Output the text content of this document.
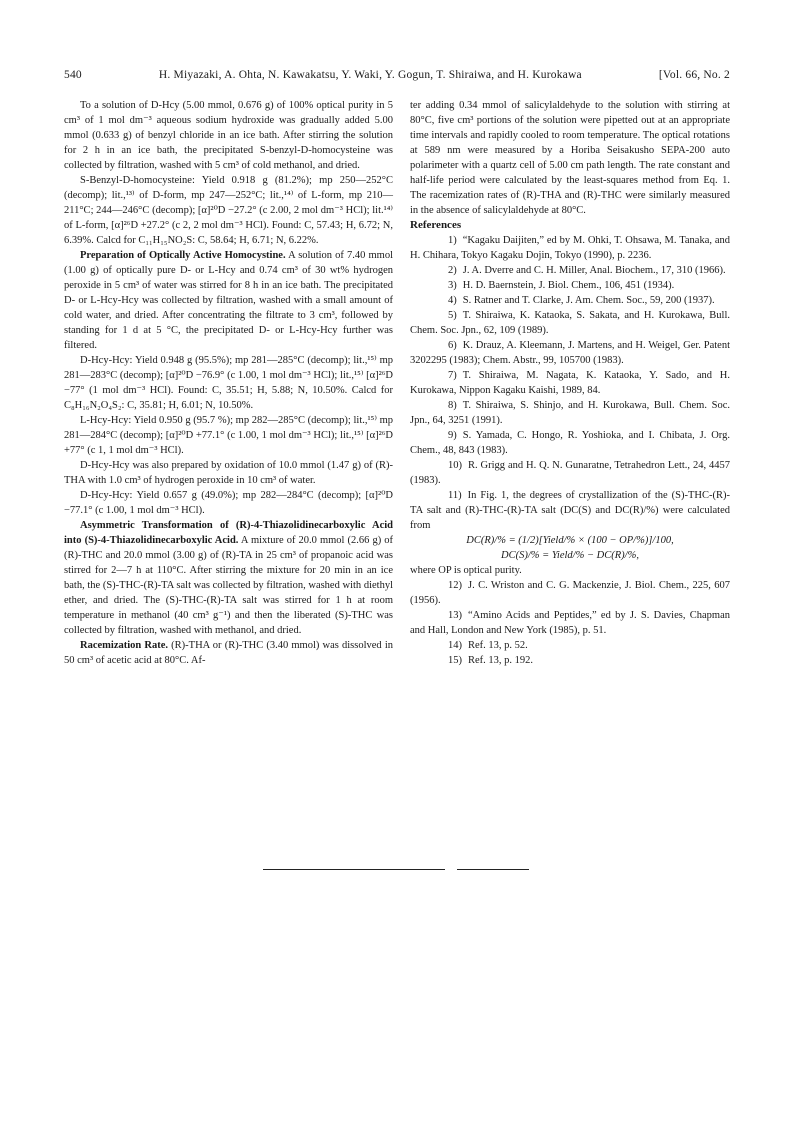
540	H. Miyazaki, A. Ohta, N. Kawakatsu, Y. Waki, Y. Gogun, T. Shiraiwa, and H. Kurokawa	[Vol. 66, No. 2

To a solution of D-Hcy (5.00 mmol, 0.676 g) of 100% optical purity in 5 cm³ of 1 mol dm⁻³ aqueous sodium hydroxide was gradually added 5.00 mmol (0.633 g) of benzyl chloride in an ice bath. After stirring the solution for 2 h in an ice bath, the precipitated S-benzyl-D-homocysteine was collected by filtration, washed with 5 cm³ of cold methanol, and dried.

S-Benzyl-D-homocysteine: Yield 0.918 g (81.2%); mp 250—252°C (decomp); lit.,¹³⁾ of D-form, mp 247—252°C; lit.,¹⁴⁾ of L-form, mp 210—211°C; 244—246°C (decomp); [α]²⁰D −27.2° (c 2.00, 2 mol dm⁻³ HCl); lit.¹⁴⁾ of L-form, [α]²⁶D +27.2° (c 2, 2 mol dm⁻³ HCl). Found: C, 57.43; H, 6.72; N, 6.39%. Calcd for C₁₁H₁₅NO₂S: C, 58.64; H, 6.71; N, 6.22%.

Preparation of Optically Active Homocystine. A solution of 7.40 mmol (1.00 g) of optically pure D- or L-Hcy and 0.74 cm³ of 30 wt% hydrogen peroxide in 5 cm³ of water was stirred for 8 h in an ice bath. The precipitated D- or L-Hcy-Hcy was collected by filtration, washed with a small amount of cold water, and dried. After concentrating the filtrate to 3 cm³, followed by standing for 1 d at 5 °C, the precipitated D- or L-Hcy-Hcy further was filtered.

D-Hcy-Hcy: Yield 0.948 g (95.5%); mp 281—285°C (decomp); lit.,¹⁵⁾ mp 281—283°C (decomp); [α]²⁰D −76.9° (c 1.00, 1 mol dm⁻³ HCl); lit.,¹⁵⁾ [α]²⁶D −77° (1 mol dm⁻³ HCl). Found: C, 35.51; H, 5.88; N, 10.50%. Calcd for C₈H₁₆N₂O₄S₂: C, 35.81; H, 6.01; N, 10.50%.

L-Hcy-Hcy: Yield 0.950 g (95.7 %); mp 282—285°C (decomp); lit.,¹⁵⁾ mp 281—284°C (decomp); [α]²⁰D +77.1° (c 1.00, 1 mol dm⁻³ HCl); lit.,¹⁵⁾ [α]²⁶D +77° (c 1, 1 mol dm⁻³ HCl).

D-Hcy-Hcy was also prepared by oxidation of 10.0 mmol (1.47 g) of (R)-THA with 1.0 cm³ of hydrogen peroxide in 10 cm³ of water.

D-Hcy-Hcy: Yield 0.657 g (49.0%); mp 282—284°C (decomp); [α]²⁰D −77.1° (c 1.00, 1 mol dm⁻³ HCl).

Asymmetric Transformation of (R)-4-Thiazolidinecarboxylic Acid into (S)-4-Thiazolidinecarboxylic Acid. A mixture of 20.0 mmol (2.66 g) of (R)-THC and 20.0 mmol (3.00 g) of (R)-TA in 25 cm³ of propanoic acid was stirred for 2—7 h at 110°C. After stirring the mixture for 20 min in an ice bath, the (S)-THC-(R)-TA salt was collected by filtration, washed with diethyl ether, and dried. The (S)-THC-(R)-TA salt was stirred for 1 h at room temperature in methanol (40 cm³ g⁻¹) and then the liberated (S)-THC was collected by filtration, washed with methanol, and dried.

Racemization Rate. (R)-THA or (R)-THC (3.40 mmol) was dissolved in 50 cm³ of acetic acid at 80°C. Af-

ter adding 0.34 mmol of salicylaldehyde to the solution with stirring at 80°C, five cm³ portions of the solution were pipetted out at an appropriate time intervals and rapidly cooled to room temperature. The optical rotations at 589 nm were measured by a Horiba Seisakusho SEPA-200 auto polarimeter with a quartz cell of 5.00 cm path length. The rate constant and half-life period were calculated by the least-squares method from Eq. 1. The racemization rates of (R)-THA and (R)-THC were similarly measured in the absence of salicylaldehyde at 80°C.

References

1) “Kagaku Daijiten,” ed by M. Ohki, T. Ohsawa, M. Tanaka, and H. Chihara, Tokyo Kagaku Dojin, Tokyo (1990), p. 2236.

2) J. A. Dverre and C. H. Miller, Anal. Biochem., 17, 310 (1966).

3) H. D. Baernstein, J. Biol. Chem., 106, 451 (1934).

4) S. Ratner and T. Clarke, J. Am. Chem. Soc., 59, 200 (1937).

5) T. Shiraiwa, K. Kataoka, S. Sakata, and H. Kurokawa, Bull. Chem. Soc. Jpn., 62, 109 (1989).

6) K. Drauz, A. Kleemann, J. Martens, and H. Weigel, Ger. Patent 3202295 (1983); Chem. Abstr., 99, 105700 (1983).

7) T. Shiraiwa, M. Nagata, K. Kataoka, Y. Sado, and H. Kurokawa, Nippon Kagaku Kaishi, 1989, 84.

8) T. Shiraiwa, S. Shinjo, and H. Kurokawa, Bull. Chem. Soc. Jpn., 64, 3251 (1991).

9) S. Yamada, C. Hongo, R. Yoshioka, and I. Chibata, J. Org. Chem., 48, 843 (1983).

10) R. Grigg and H. Q. N. Gunaratne, Tetrahedron Lett., 24, 4457 (1983).

11) In Fig. 1, the degrees of crystallization of the (S)-THC-(R)-TA salt and (R)-THC-(R)-TA salt (DC(S) and DC(R)/%) were calculated from

DC(R)/% = (1/2)[Yield/% × (100 − OP/%)]/100,

DC(S)/% = Yield/% − DC(R)/%,

where OP is optical purity.

12) J. C. Wriston and C. G. Mackenzie, J. Biol. Chem., 225, 607 (1956).

13) “Amino Acids and Peptides,” ed by J. S. Davies, Chapman and Hall, London and New York (1985), p. 51.

14) Ref. 13, p. 52.

15) Ref. 13, p. 192.
